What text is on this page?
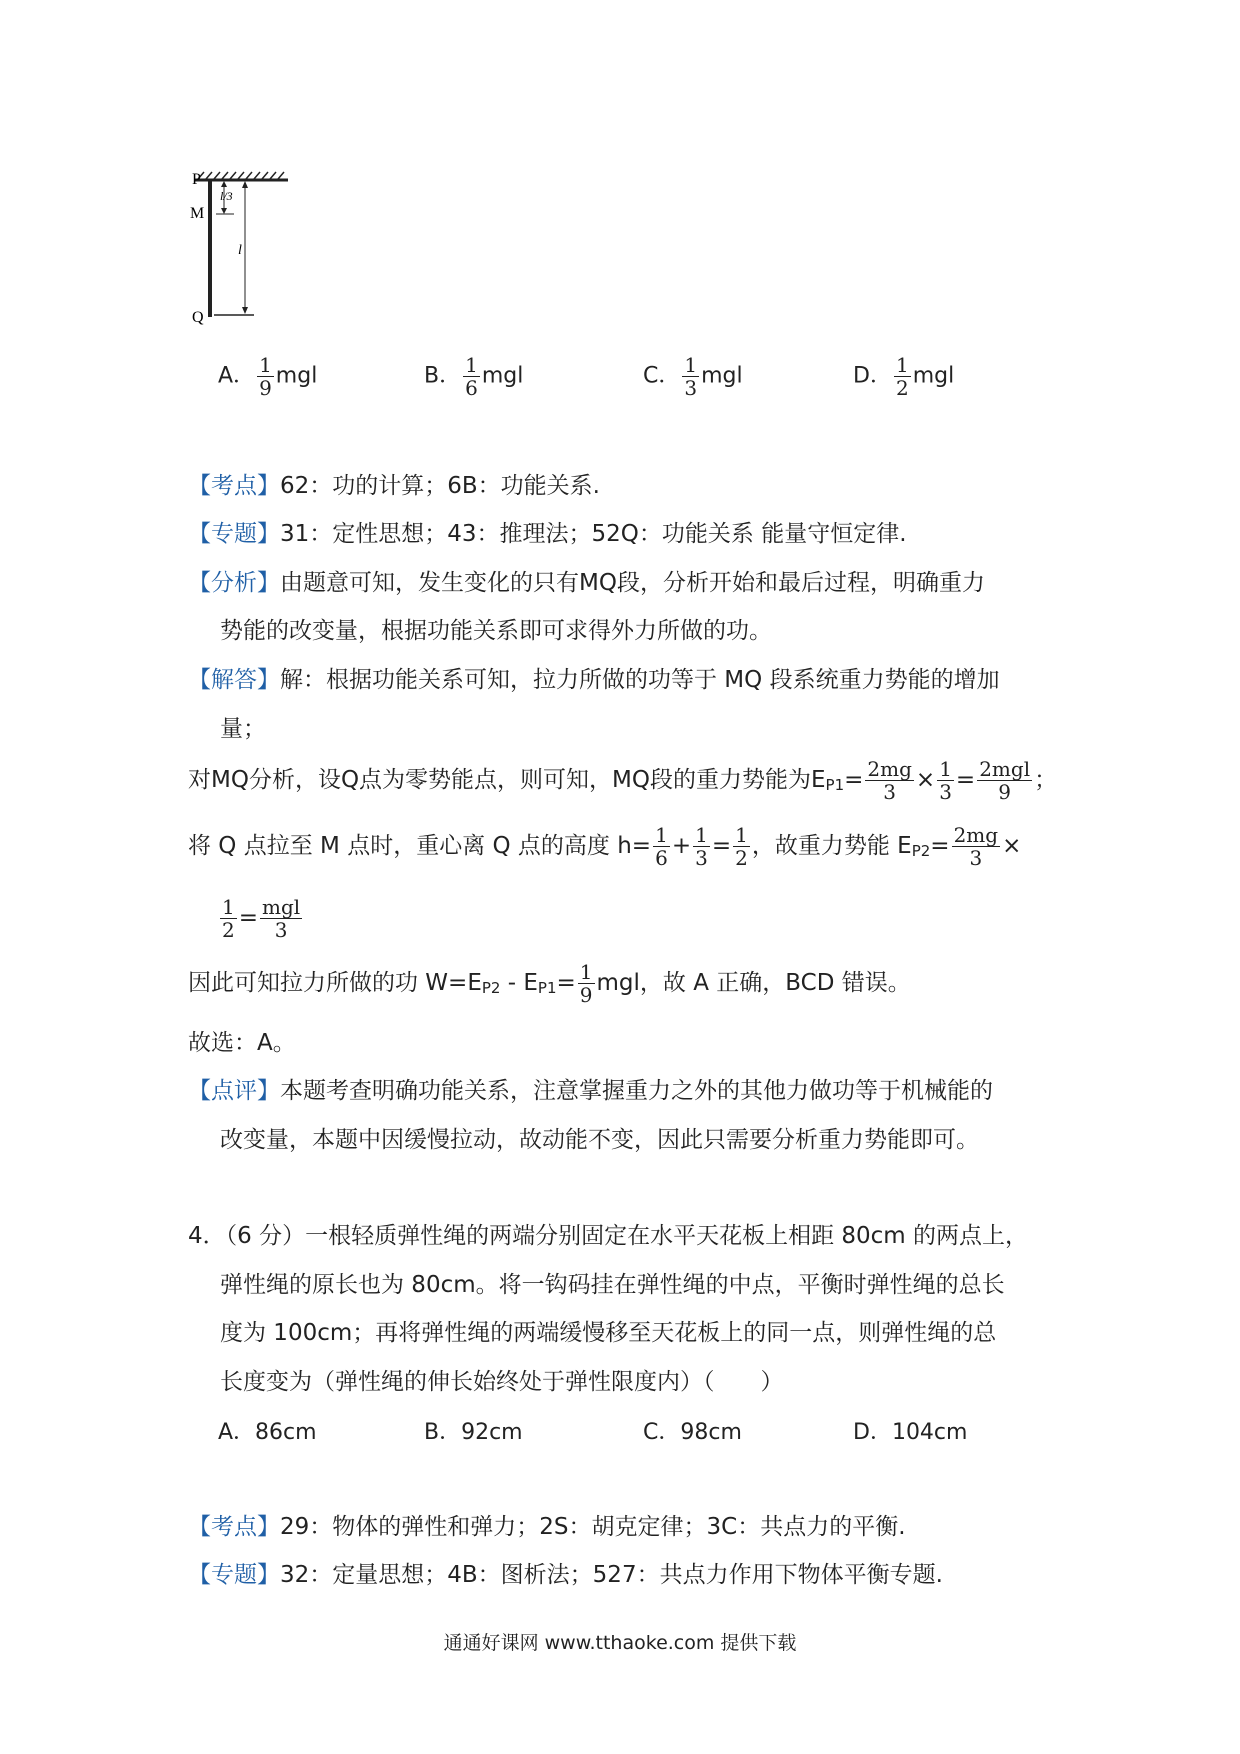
P
M
Q
l/3
l
A． $\frac{1}{9}$ mgl	B． $\frac{1}{6}$ mgl	C． $\frac{1}{3}$ mgl	D． $\frac{1}{2}$ mgl
【考点】62：功的计算；6B：功能关系.
【专题】31：定性思想；43：推理法；52Q：功能关系 能量守恒定律.
【分析】由题意可知，发生变化的只有MQ段，分析开始和最后过程，明确重力
势能的改变量，根据功能关系即可求得外力所做的功。
【解答】解：根据功能关系可知，拉力所做的功等于 MQ 段系统重力势能的增加
量；
对MQ分析，设Q点为零势能点，则可知，MQ段的重力势能为$E_{P1}= \frac{2mg}{3} \times \frac{1}{3} = \frac{\text{2mgl}}{9}$ ；
将 Q 点拉至 M 点时，重心离 Q 点的高度 $h= \frac{1}{6} + \frac{1}{3} = \frac{1}{2}$ ，故重力势能 $E_{P2}= \frac{2mg}{3}$ ×
$\frac{1}{2} = \frac{\text{mgl}}{3}$
因此可知拉力所做的功 $W=E_{P2} - E_{P1}= \frac{1}{9}$ mgl，故 A 正确，BCD 错误。
故选：A。
【点评】本题考查明确功能关系，注意掌握重力之外的其他力做功等于机械能的
改变量，本题中因缓慢拉动，故动能不变，因此只需要分析重力势能即可。
4．（6 分）一根轻质弹性绳的两端分别固定在水平天花板上相距 80cm 的两点上，
弹性绳的原长也为 80cm。将一钩码挂在弹性绳的中点，平衡时弹性绳的总长
度为 100cm；再将弹性绳的两端缓慢移至天花板上的同一点，则弹性绳的总
长度变为（弹性绳的伸长始终处于弹性限度内）（　　）
A．86cm	B．92cm	C．98cm	D．104cm
【考点】29：物体的弹性和弹力；2S：胡克定律；3C：共点力的平衡.
【专题】32：定量思想；4B：图析法；527：共点力作用下物体平衡专题.
通通好课网 www.tthaoke.com 提供下载
